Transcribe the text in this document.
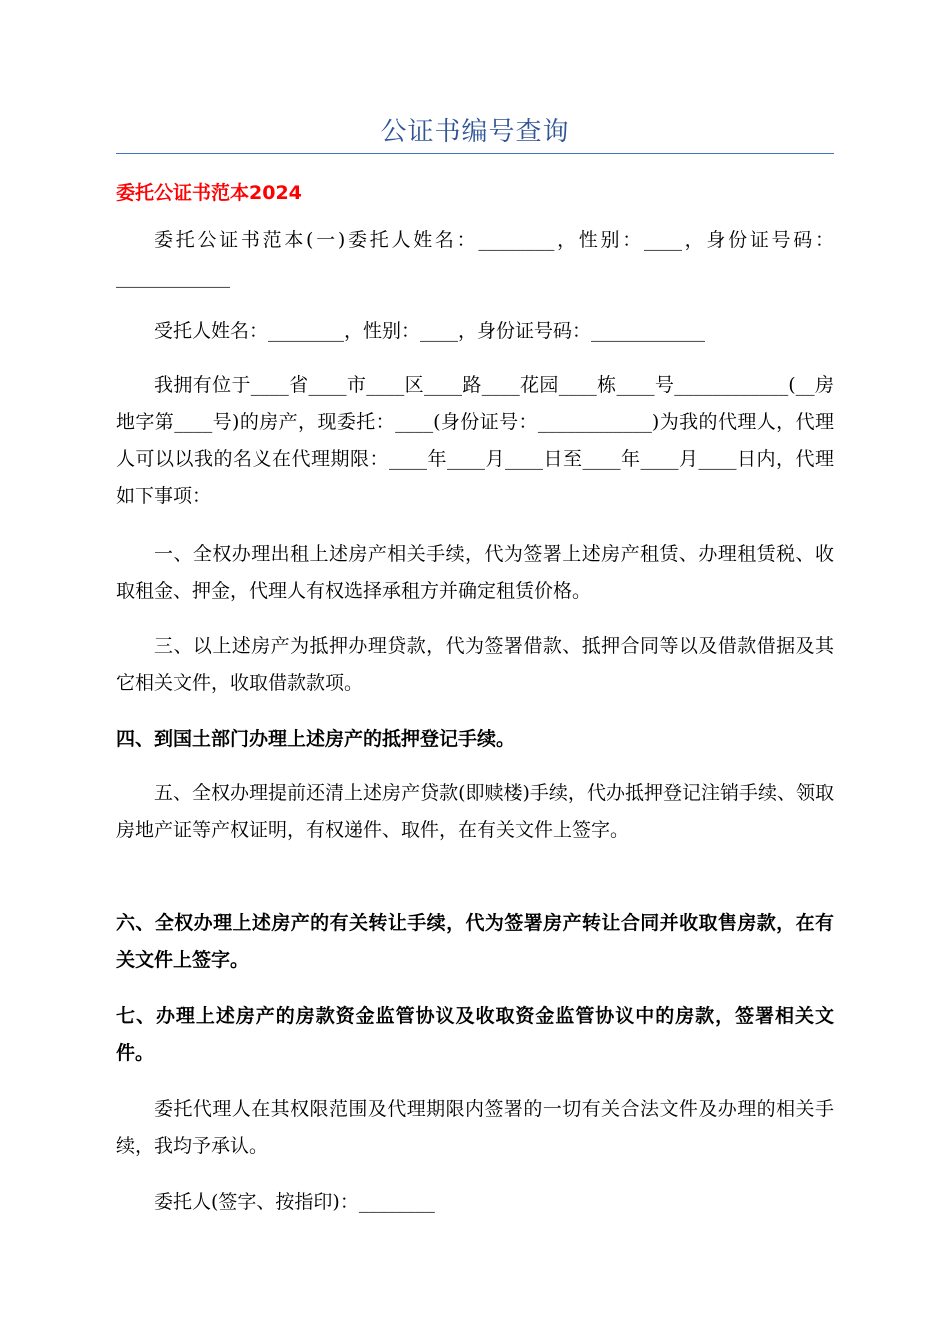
公证书编号查询
委托公证书范本2024

委托公证书范本(一)委托人姓名：________，性别：____，身份证号码：____________

受托人姓名：________，性别：____，身份证号码：____________

我拥有位于____省____市____区____路____花园____栋____号____________(__房地字第____号)的房产，现委托：____(身份证号：____________)为我的代理人，代理人可以以我的名义在代理期限：____年____月____日至____年____月____日内，代理如下事项：

一、全权办理出租上述房产相关手续，代为签署上述房产租赁、办理租赁税、收取租金、押金，代理人有权选择承租方并确定租赁价格。

三、以上述房产为抵押办理贷款，代为签署借款、抵押合同等以及借款借据及其它相关文件，收取借款款项。

四、到国土部门办理上述房产的抵押登记手续。

五、全权办理提前还清上述房产贷款(即赎楼)手续，代办抵押登记注销手续、领取房地产证等产权证明，有权递件、取件，在有关文件上签字。

六、全权办理上述房产的有关转让手续，代为签署房产转让合同并收取售房款，在有关文件上签字。

七、办理上述房产的房款资金监管协议及收取资金监管协议中的房款，签署相关文件。

委托代理人在其权限范围及代理期限内签署的一切有关合法文件及办理的相关手续，我均予承认。

委托人(签字、按指印)：________
